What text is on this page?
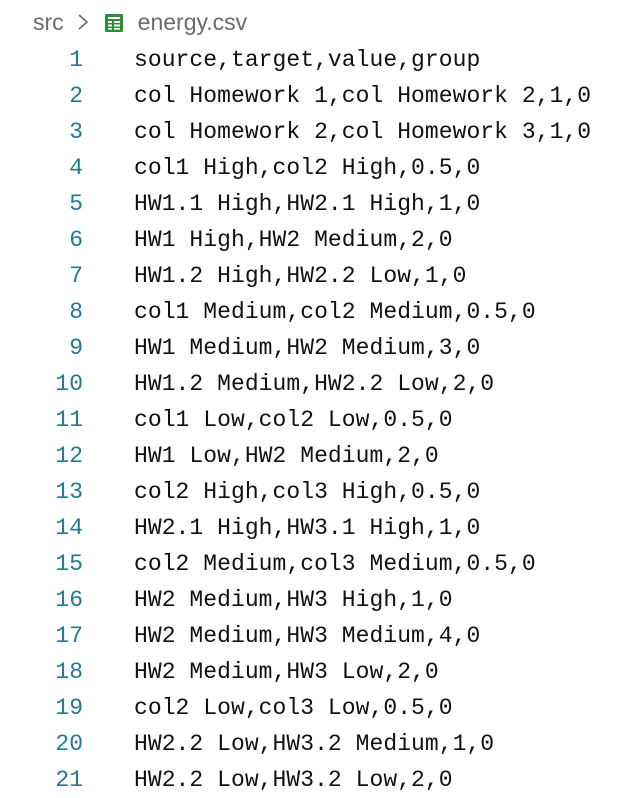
src	energy.csv
1 source,target,value,group
2 col Homework 1,col Homework 2,1,0
3 col Homework 2,col Homework 3,1,0
4 col1 High,col2 High,0.5,0
5 HW1.1 High,HW2.1 High,1,0
6 HW1 High,HW2 Medium,2,0
7 HW1.2 High,HW2.2 Low,1,0
8 col1 Medium,col2 Medium,0.5,0
9 HW1 Medium,HW2 Medium,3,0
10 HW1.2 Medium,HW2.2 Low,2,0
11 col1 Low,col2 Low,0.5,0
12 HW1 Low,HW2 Medium,2,0
13 col2 High,col3 High,0.5,0
14 HW2.1 High,HW3.1 High,1,0
15 col2 Medium,col3 Medium,0.5,0
16 HW2 Medium,HW3 High,1,0
17 HW2 Medium,HW3 Medium,4,0
18 HW2 Medium,HW3 Low,2,0
19 col2 Low,col3 Low,0.5,0
20 HW2.2 Low,HW3.2 Medium,1,0
21 HW2.2 Low,HW3.2 Low,2,0
